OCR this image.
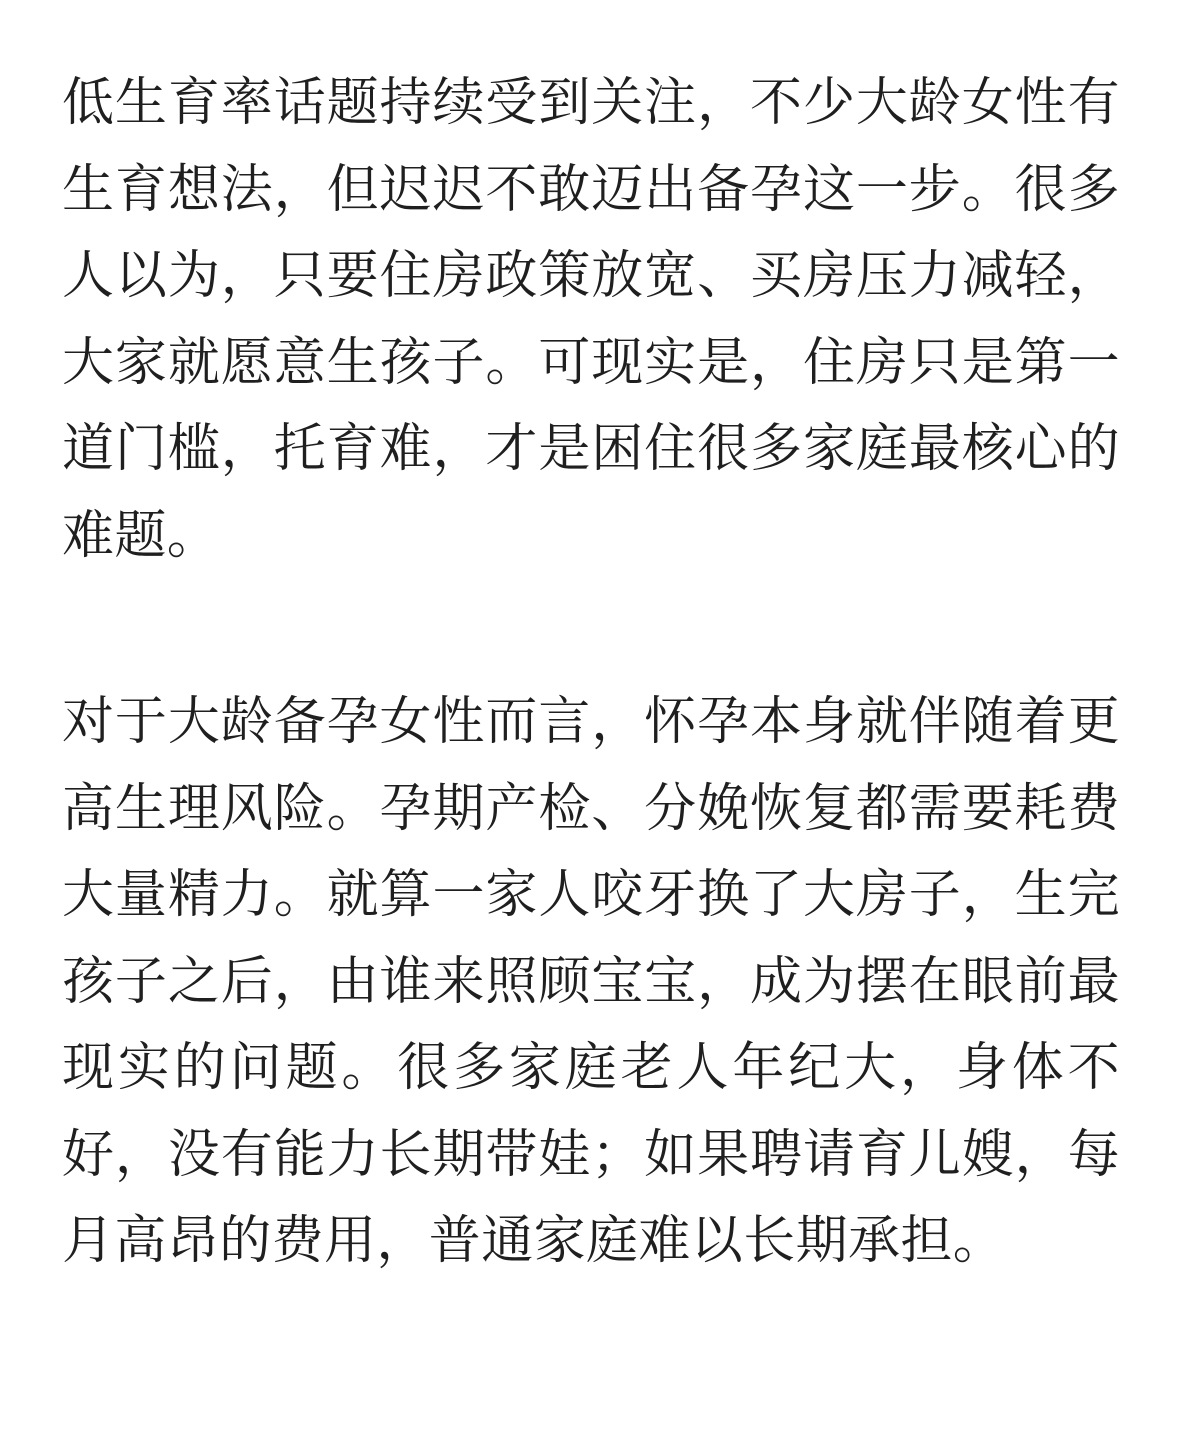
低生育率话题持续受到关注，不少大龄女性有生育想法，但迟迟不敢迈出备孕这一步。很多人以为，只要住房政策放宽、买房压力减轻，大家就愿意生孩子。可现实是，住房只是第一道门槛，托育难，才是困住很多家庭最核心的难题。

对于大龄备孕女性而言，怀孕本身就伴随着更高生理风险。孕期产检、分娩恢复都需要耗费大量精力。就算一家人咬牙换了大房子，生完孩子之后，由谁来照顾宝宝，成为摆在眼前最现实的问题。很多家庭老人年纪大，身体不好，没有能力长期带娃；如果聘请育儿嫂，每月高昂的费用，普通家庭难以长期承担。
